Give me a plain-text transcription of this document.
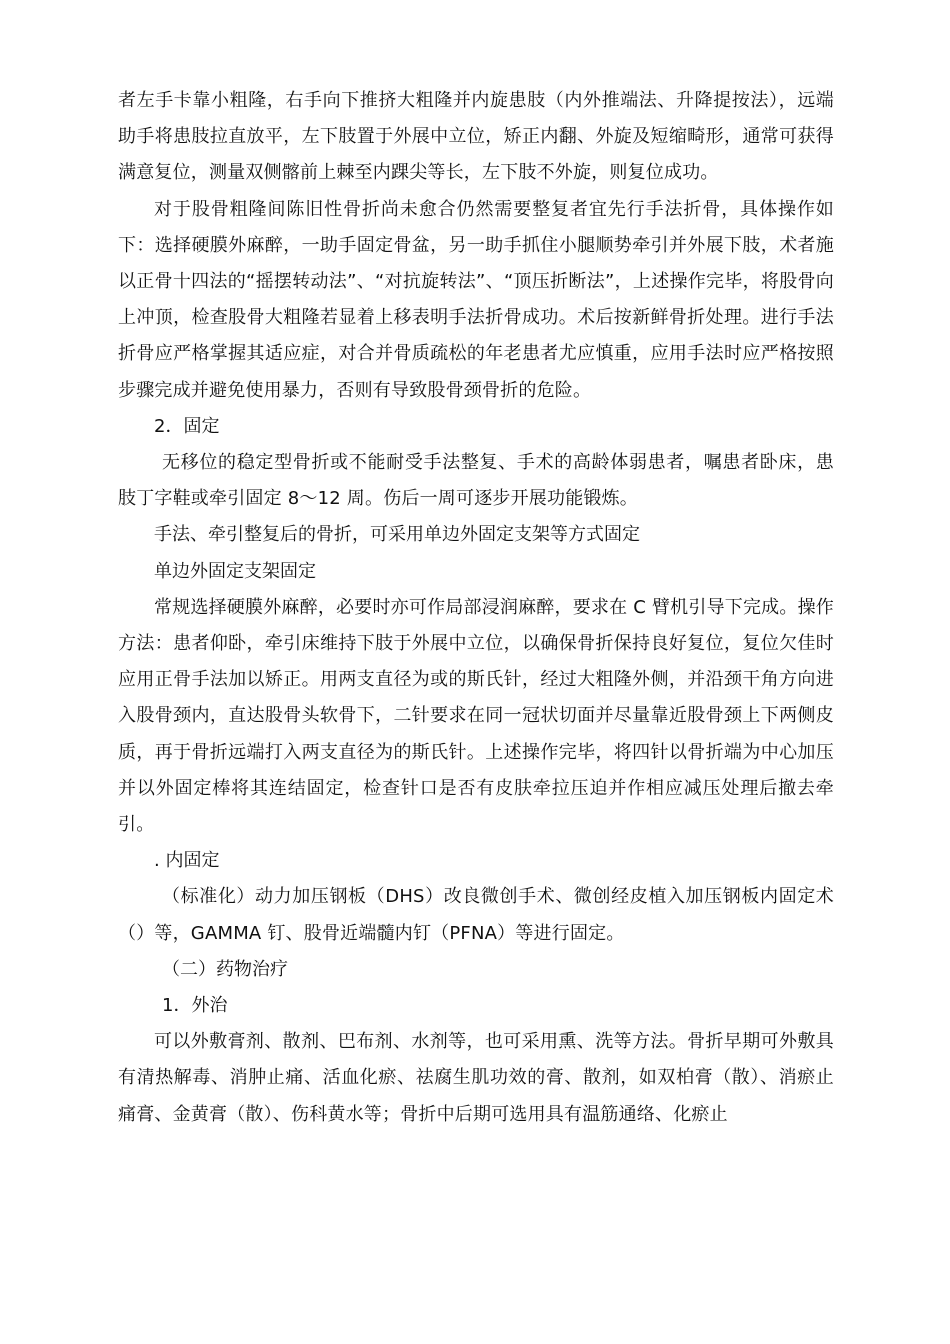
者左手卡靠小粗隆，右手向下推挤大粗隆并内旋患肢（内外推端法、升降提按法），远端助手将患肢拉直放平，左下肢置于外展中立位，矫正内翻、外旋及短缩畸形，通常可获得满意复位，测量双侧髂前上棘至内踝尖等长，左下肢不外旋，则复位成功。

对于股骨粗隆间陈旧性骨折尚未愈合仍然需要整复者宜先行手法折骨，具体操作如下：选择硬膜外麻醉，一助手固定骨盆，另一助手抓住小腿顺势牵引并外展下肢，术者施以正骨十四法的“摇摆转动法”、“对抗旋转法”、“顶压折断法”，上述操作完毕，将股骨向上冲顶，检查股骨大粗隆若显着上移表明手法折骨成功。术后按新鲜骨折处理。进行手法折骨应严格掌握其适应症，对合并骨质疏松的年老患者尤应慎重，应用手法时应严格按照步骤完成并避免使用暴力，否则有导致股骨颈骨折的危险。

2．固定

无移位的稳定型骨折或不能耐受手法整复、手术的高龄体弱患者，嘱患者卧床，患肢丁字鞋或牵引固定 8～12 周。伤后一周可逐步开展功能锻炼。

手法、牵引整复后的骨折，可采用单边外固定支架等方式固定

单边外固定支架固定

常规选择硬膜外麻醉，必要时亦可作局部浸润麻醉，要求在 C 臂机引导下完成。操作方法：患者仰卧，牵引床维持下肢于外展中立位，以确保骨折保持良好复位，复位欠佳时应用正骨手法加以矫正。用两支直径为或的斯氏针，经过大粗隆外侧，并沿颈干角方向进入股骨颈内，直达股骨头软骨下，二针要求在同一冠状切面并尽量靠近股骨颈上下两侧皮质，再于骨折远端打入两支直径为的斯氏针。上述操作完毕，将四针以骨折端为中心加压并以外固定棒将其连结固定，检查针口是否有皮肤牵拉压迫并作相应减压处理后撤去牵引。

. 内固定

（标准化）动力加压钢板（DHS）改良微创手术、微创经皮植入加压钢板内固定术（）等，GAMMA 钉、股骨近端髓内钉（PFNA）等进行固定。

（二）药物治疗

1．外治

可以外敷膏剂、散剂、巴布剂、水剂等，也可采用熏、洗等方法。骨折早期可外敷具有清热解毒、消肿止痛、活血化瘀、祛腐生肌功效的膏、散剂，如双柏膏（散）、消瘀止痛膏、金黄膏（散）、伤科黄水等；骨折中后期可选用具有温筋通络、化瘀止
